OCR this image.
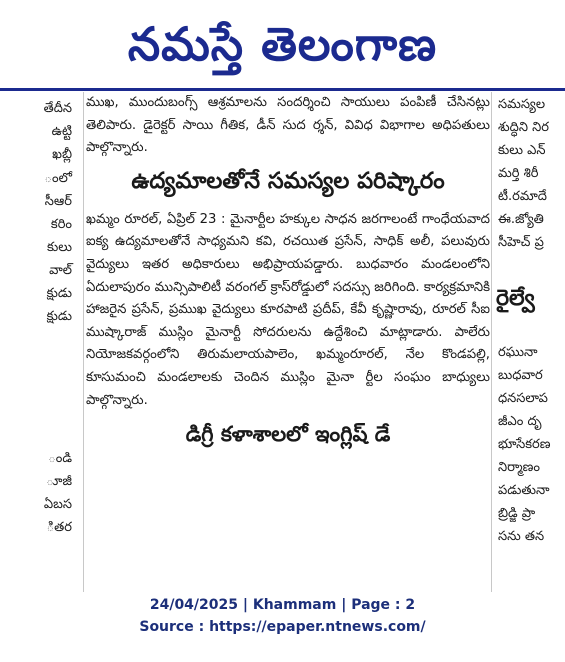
నమస్తే తెలంగాణ
తేదీన
ఉట్టి
ఖబ్లీ
ంలో
సీఆర్
కరిం
కులు
వాల్
క్షుడు
క్షుడు
ండి
ూజీ
ఏబస
ితర

ముఖ, ముందుబంగ్స్ ఆశ్రమాలను సందర్శించి సాయులు పంపిణీ చేసినట్లు తెలిపారు. డైరెక్టర్ సాయి గీతిక, డీన్ సుద ర్శన్, వివిధ విభాగాల అధిపతులు పాల్గొన్నారు.

ఉద్యమాలతోనే సమస్యల పరిష్కారం

ఖమ్మం రూరల్, ఏప్రిల్ 23 : మైనార్టీల హక్కుల సాధన జరగాలంటే గాంధేయవాద ఐక్య ఉద్యమాలతోనే సాధ్యమని కవి, రచయిత ప్రసేన్, సాధిక్ అలీ, పలువురు వైద్యులు ఇతర అధికారులు అభిప్రాయపడ్డారు. బుధవారం మండలంలోని ఏదులాపురం మున్సిపాలిటీ వరంగల్ క్రాస్‌రోడ్డులో సదస్సు జరిగింది. కార్యక్రమానికి హాజరైన ప్రసేన్, ప్రముఖ వైద్యులు కూరపాటి ప్రదీప్, కేవీ కృష్ణారావు, రూరల్ సీఐ ముష్కారాజ్ ముస్లిం మైనార్టీ సోదరులను ఉద్దేశించి మాట్లాడారు. పాలేరు నియోజకవర్గంలోని తిరుమలాయపాలెం, ఖమ్మంరూరల్, నేల కొండపల్లి, కూసుమంచి మండలాలకు చెందిన ముస్లిం మైనా ర్టీల సంఘం బాధ్యులు పాల్గొన్నారు.

డిగ్రీ కళాశాలలో ఇంగ్లిష్ డే
సమస్యల
శుద్ధిని నిర
కులు ఎన్
మర్తి శిరీ
టీ.రమాదే
ఈ.జ్యోతి
సీహెచ్ ప్ర
రైల్వే
రఘునా
బుధవార
ధనసలాప
జీఎం దృ
భూసేకరణ
నిర్మాణం
పడుతునా
బ్రిడ్జి ప్రా
సను తన
24/04/2025 | Khammam | Page : 2
Source : https://epaper.ntnews.com/
